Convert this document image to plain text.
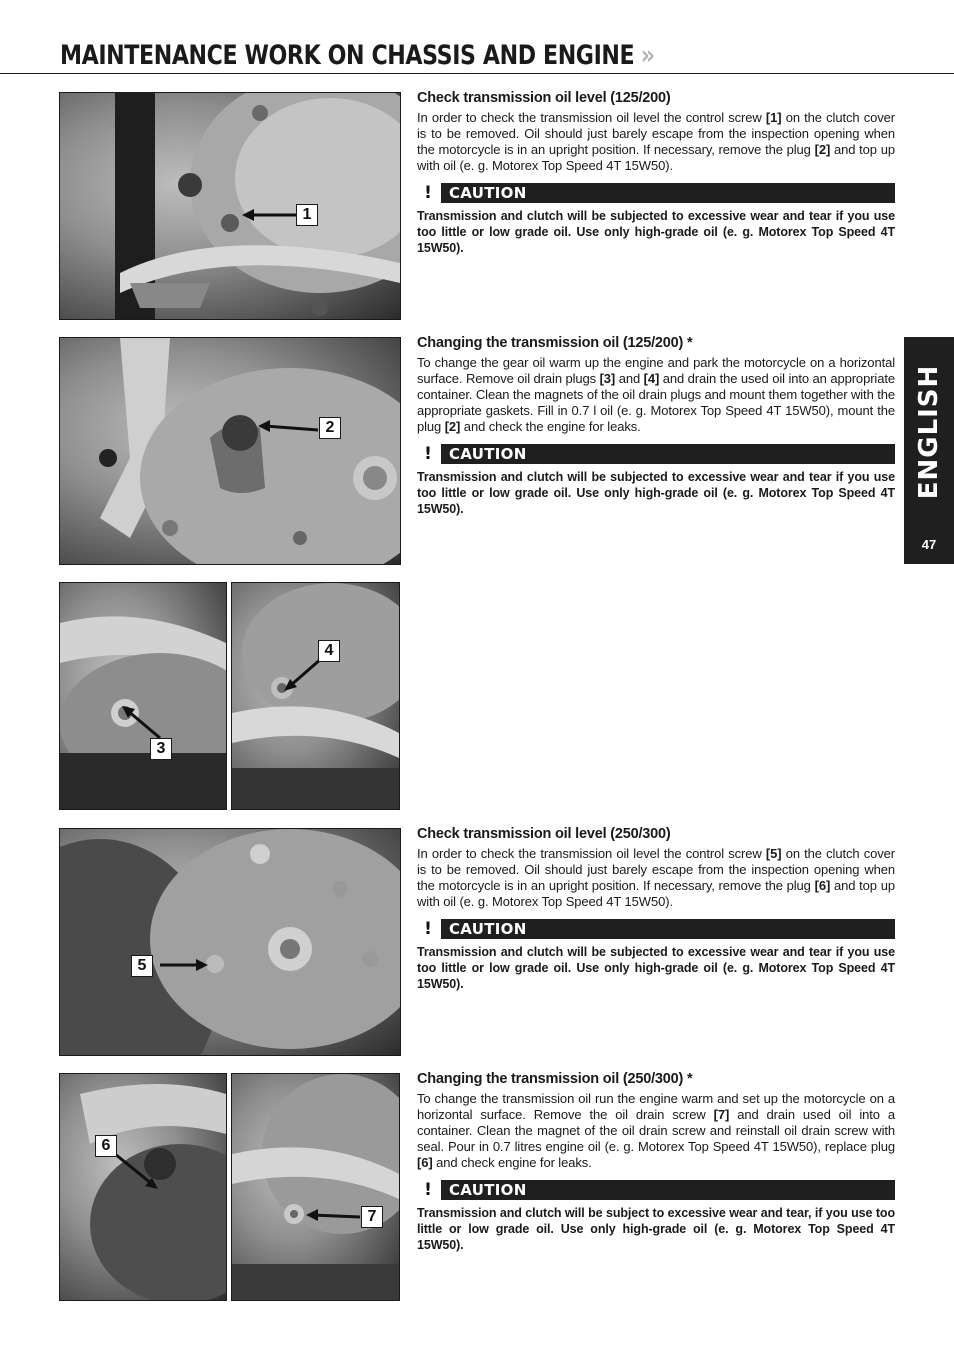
MAINTENANCE WORK ON CHASSIS AND ENGINE »
ENGLISH
47
1
2
3
4
5
6
7

Check transmission oil level (125/200)

In order to check the transmission oil level the control screw [1] on the clutch cover is to be removed. Oil should just barely escape from the inspection opening when the motorcycle is in an upright position. If necessary, remove the plug [2] and top up with oil (e. g. Motorex Top Speed 4T 15W50).

!	CAUTION

Transmission and clutch will be subjected to excessive wear and tear if you use too little or low grade oil. Use only high-grade oil (e. g. Motorex Top Speed 4T 15W50).

Changing the transmission oil (125/200) *

To change the gear oil warm up the engine and park the motorcycle on a horizontal surface. Remove oil drain plugs [3] and [4] and drain the used oil into an appropriate container. Clean the magnets of the oil drain plugs and mount them together with the appropriate gaskets. Fill in 0.7 l oil (e. g. Motorex Top Speed 4T 15W50), mount the plug [2] and check the engine for leaks.

!	CAUTION

Transmission and clutch will be subjected to excessive wear and tear if you use too little or low grade oil. Use only high-grade oil (e. g. Motorex Top Speed 4T 15W50).

Check transmission oil level (250/300)

In order to check the transmission oil level the control screw [5] on the clutch cover is to be removed. Oil should just barely escape from the inspection opening when the motorcycle is in an upright position. If necessary, remove the plug [6] and top up with oil (e. g. Motorex Top Speed 4T 15W50).

!	CAUTION

Transmission and clutch will be subjected to excessive wear and tear if you use too little or low grade oil. Use only high-grade oil (e. g. Motorex Top Speed 4T 15W50).

Changing the transmission oil (250/300) *

To change the transmission oil run the engine warm and set up the motorcycle on a horizontal surface. Remove the oil drain screw [7] and drain used oil into a container. Clean the magnet of the oil drain screw and reinstall oil drain screw with seal. Pour in 0.7 litres engine oil (e. g. Motorex Top Speed 4T 15W50), replace plug [6] and check engine for leaks.

!	CAUTION

Transmission and clutch will be subject to excessive wear and tear, if you use too little or low grade oil. Use only high-grade oil (e. g. Motorex Top Speed 4T 15W50).
